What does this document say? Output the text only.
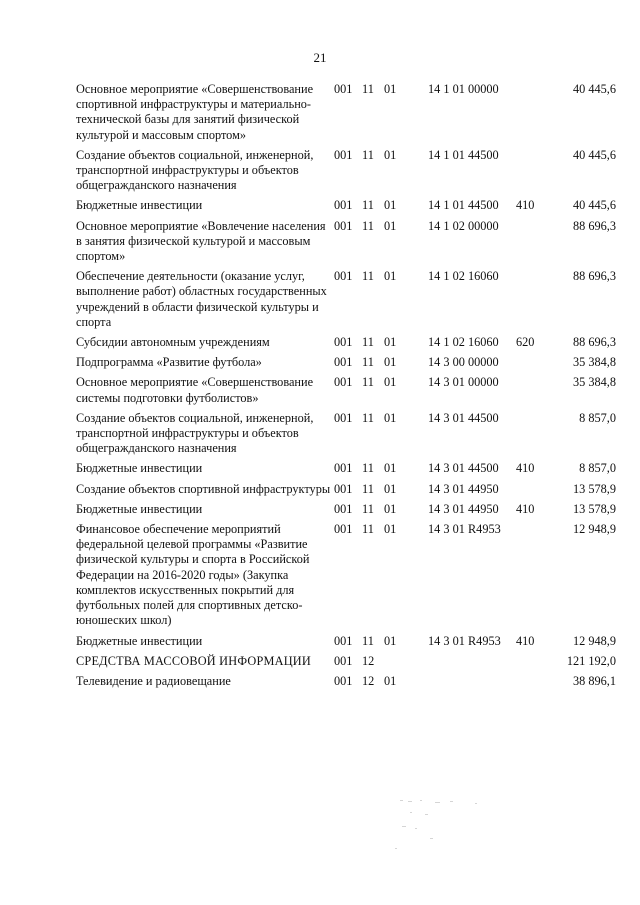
21
Основное мероприятие «Совершенствование спортивной инфраструктуры и материально-технической базы для занятий физической культурой и массовым спортом»	001	11	01	14 1 01 00000		40 445,6
Создание объектов социальной, инженерной, транспортной инфраструктуры и объектов общегражданского назначения	001	11	01	14 1 01 44500		40 445,6
Бюджетные инвестиции	001	11	01	14 1 01 44500	410	40 445,6
Основное мероприятие «Вовлечение населения в занятия физической культурой и массовым спортом»	001	11	01	14 1 02 00000		88 696,3
Обеспечение деятельности (оказание услуг, выполнение работ) областных государственных учреждений в области физической культуры и спорта	001	11	01	14 1 02 16060		88 696,3
Субсидии автономным учреждениям	001	11	01	14 1 02 16060	620	88 696,3
Подпрограмма «Развитие футбола»	001	11	01	14 3 00 00000		35 384,8
Основное мероприятие «Совершенствование системы подготовки футболистов»	001	11	01	14 3 01 00000		35 384,8
Создание объектов социальной, инженерной, транспортной инфраструктуры и объектов общегражданского назначения	001	11	01	14 3 01 44500		8 857,0
Бюджетные инвестиции	001	11	01	14 3 01 44500	410	8 857,0
Создание объектов спортивной инфраструктуры	001	11	01	14 3 01 44950		13 578,9
Бюджетные инвестиции	001	11	01	14 3 01 44950	410	13 578,9
Финансовое обеспечение мероприятий федеральной целевой программы «Развитие физической культуры и спорта в Российской Федерации на 2016-2020 годы» (Закупка комплектов искусственных покрытий для футбольных полей для спортивных детско-юношеских школ)	001	11	01	14 3 01 R4953		12 948,9
Бюджетные инвестиции	001	11	01	14 3 01 R4953	410	12 948,9
СРЕДСТВА МАССОВОЙ ИНФОРМАЦИИ	001	12				121 192,0
Телевидение и радиовещание	001	12	01			38 896,1
